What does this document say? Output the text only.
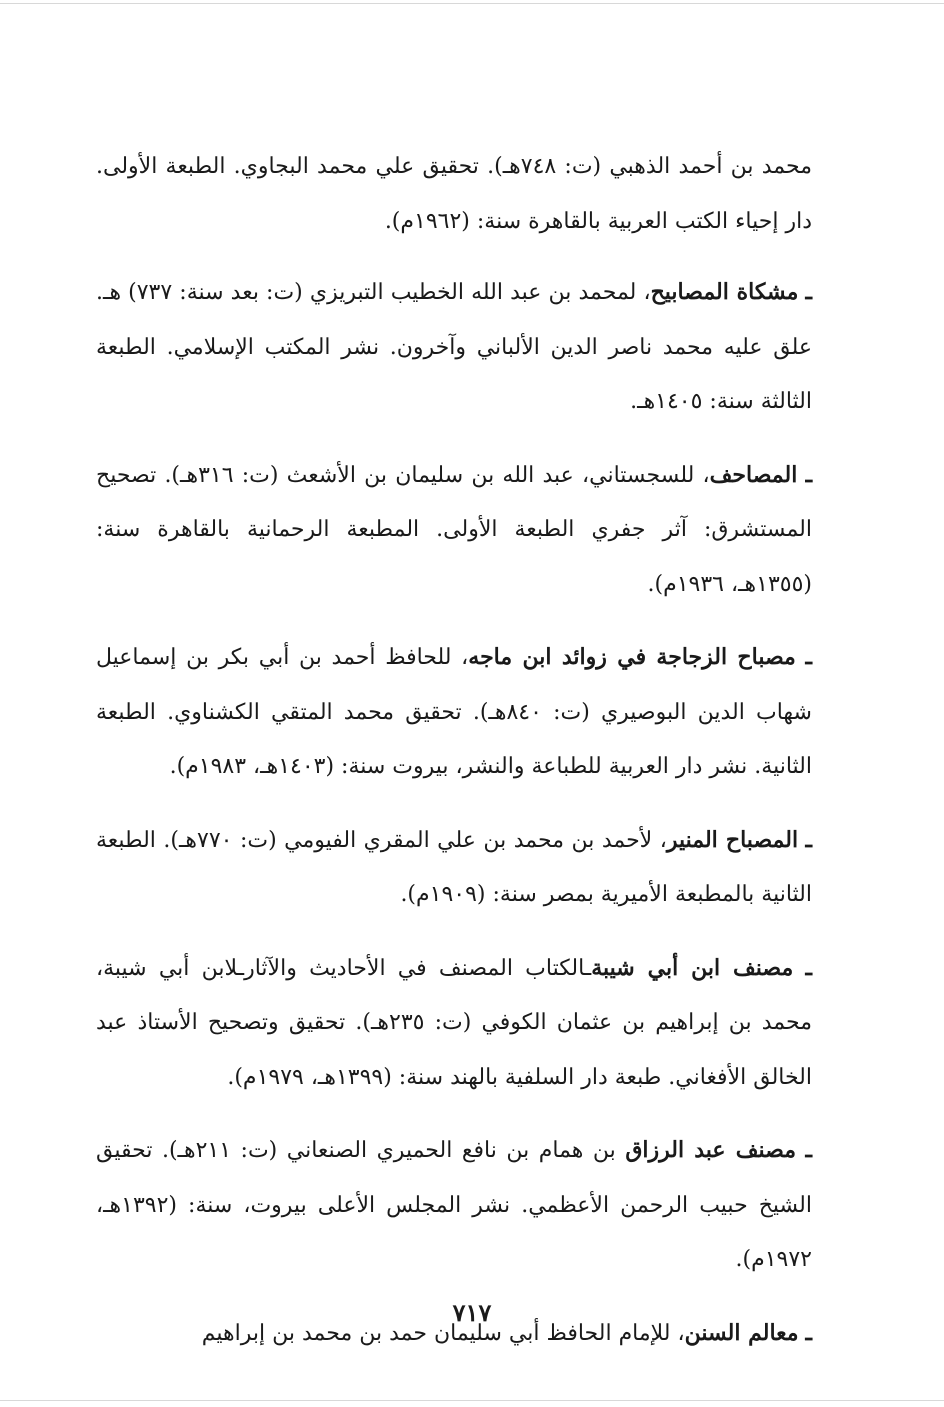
محمد بن أحمد الذهبي (ت: ٧٤٨هـ). تحقيق علي محمد البجاوي. الطبعة الأولى. دار إحياء الكتب العربية بالقاهرة سنة: (١٩٦٢م).

ـ مشكاة المصابيح، لمحمد بن عبد الله الخطيب التبريزي (ت: بعد سنة: ٧٣٧) هـ. علق عليه محمد ناصر الدين الألباني وآخرون. نشر المكتب الإسلامي. الطبعة الثالثة سنة: ١٤٠٥هـ.

ـ المصاحف، للسجستاني، عبد الله بن سليمان بن الأشعث (ت: ٣١٦هـ). تصحيح المستشرق: آثر جفري الطبعة الأولى. المطبعة الرحمانية بالقاهرة سنة: (١٣٥٥هـ، ١٩٣٦م).

ـ مصباح الزجاجة في زوائد ابن ماجه، للحافظ أحمد بن أبي بكر بن إسماعيل شهاب الدين البوصيري (ت: ٨٤٠هـ). تحقيق محمد المتقي الكشناوي. الطبعة الثانية. نشر دار العربية للطباعة والنشر، بيروت سنة: (١٤٠٣هـ، ١٩٨٣م).

ـ المصباح المنير، لأحمد بن محمد بن علي المقري الفيومي (ت: ٧٧٠هـ). الطبعة الثانية بالمطبعة الأميرية بمصر سنة: (١٩٠٩م).

ـ مصنف ابن أبي شيبةـالكتاب المصنف في الأحاديث والآثارـلابن أبي شيبة، محمد بن إبراهيم بن عثمان الكوفي (ت: ٢٣٥هـ). تحقيق وتصحيح الأستاذ عبد الخالق الأفغاني. طبعة دار السلفية بالهند سنة: (١٣٩٩هـ، ١٩٧٩م).

ـ مصنف عبد الرزاق بن همام بن نافع الحميري الصنعاني (ت: ٢١١هـ). تحقيق الشيخ حبيب الرحمن الأعظمي. نشر المجلس الأعلى بيروت، سنة: (١٣٩٢هـ، ١٩٧٢م).

ـ معالم السنن، للإمام الحافظ أبي سليمان حمد بن محمد بن إبراهيم

٧١٧
